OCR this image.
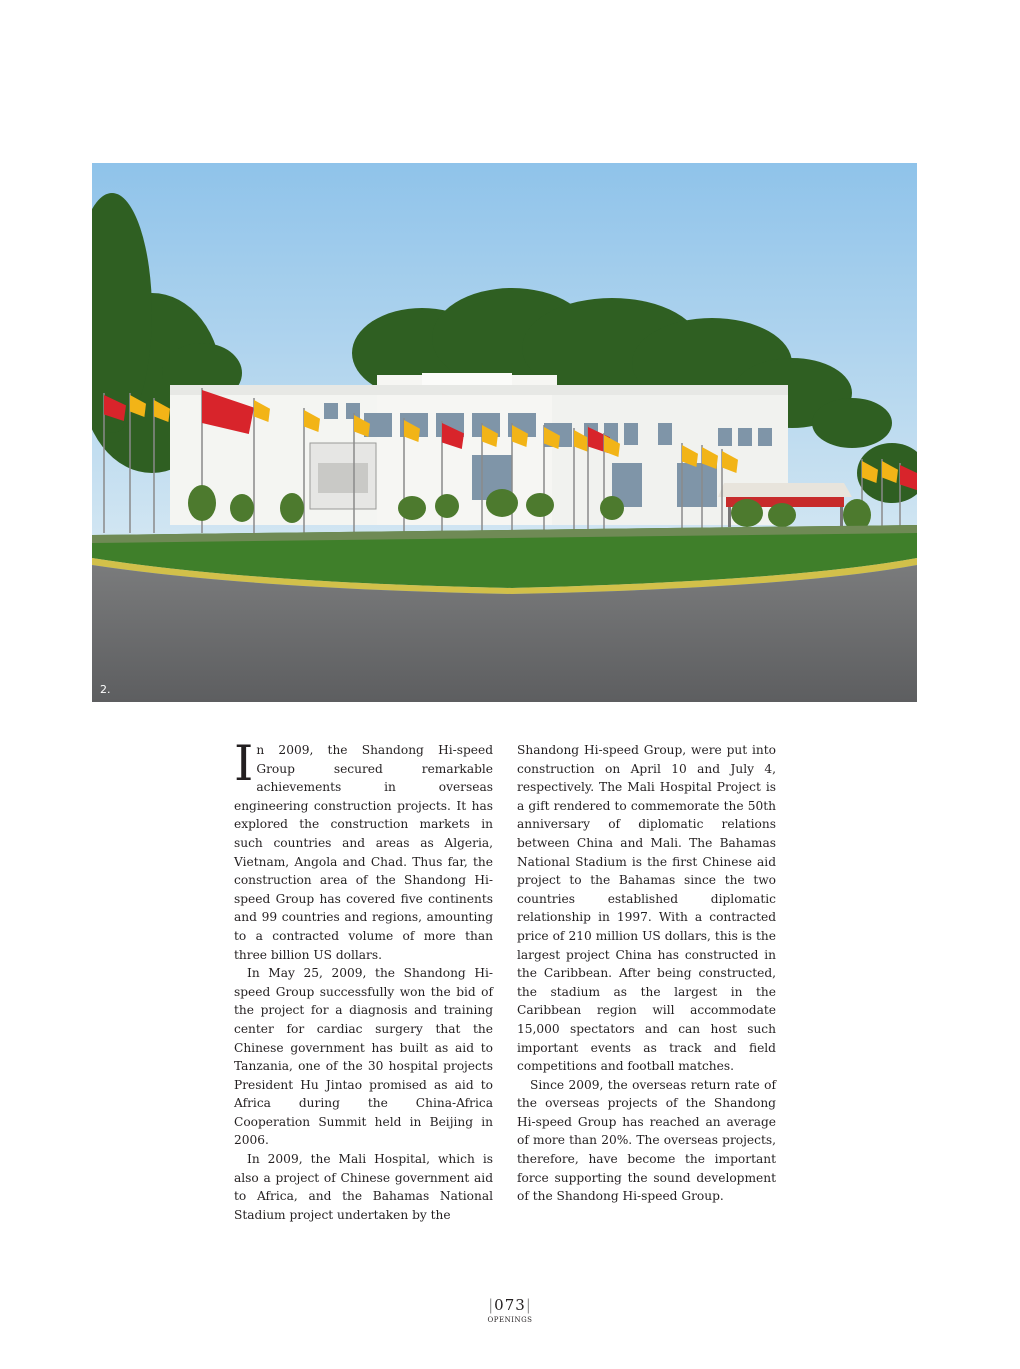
2.

In 2009, the Shandong Hi-speed Group secured remarkable achievements in overseas engineering construction projects. It has explored the construction markets in such countries and areas as Algeria, Vietnam, Angola and Chad. Thus far, the construction area of the Shandong Hi-speed Group has covered five continents and 99 countries and regions, amounting to a contracted volume of more than three billion US dollars.

In May 25, 2009, the Shandong Hi-speed Group successfully won the bid of the project for a diagnosis and training center for cardiac surgery that the Chinese government has built as aid to Tanzania, one of the 30 hospital projects President Hu Jintao promised as aid to Africa during the China-Africa Cooperation Summit held in Beijing in 2006.

In 2009, the Mali Hospital, which is also a project of Chinese government aid to Africa, and the Bahamas National Stadium project undertaken by the

Shandong Hi-speed Group, were put into construction on April 10 and July 4, respectively. The Mali Hospital Project is a gift rendered to commemorate the 50th anniversary of diplomatic relations between China and Mali. The Bahamas National Stadium is the first Chinese aid project to the Bahamas since the two countries established diplomatic relationship in 1997. With a contracted price of 210 million US dollars, this is the largest project China has constructed in the Caribbean. After being constructed, the stadium as the largest in the Caribbean region will accommodate 15,000 spectators and can host such important events as track and field competitions and football matches.

Since 2009, the overseas return rate of the overseas projects of the Shandong Hi-speed Group has reached an average of more than 20%. The overseas projects, therefore, have become the important force supporting the sound development of the Shandong Hi-speed Group.

|073|
OPENINGS
